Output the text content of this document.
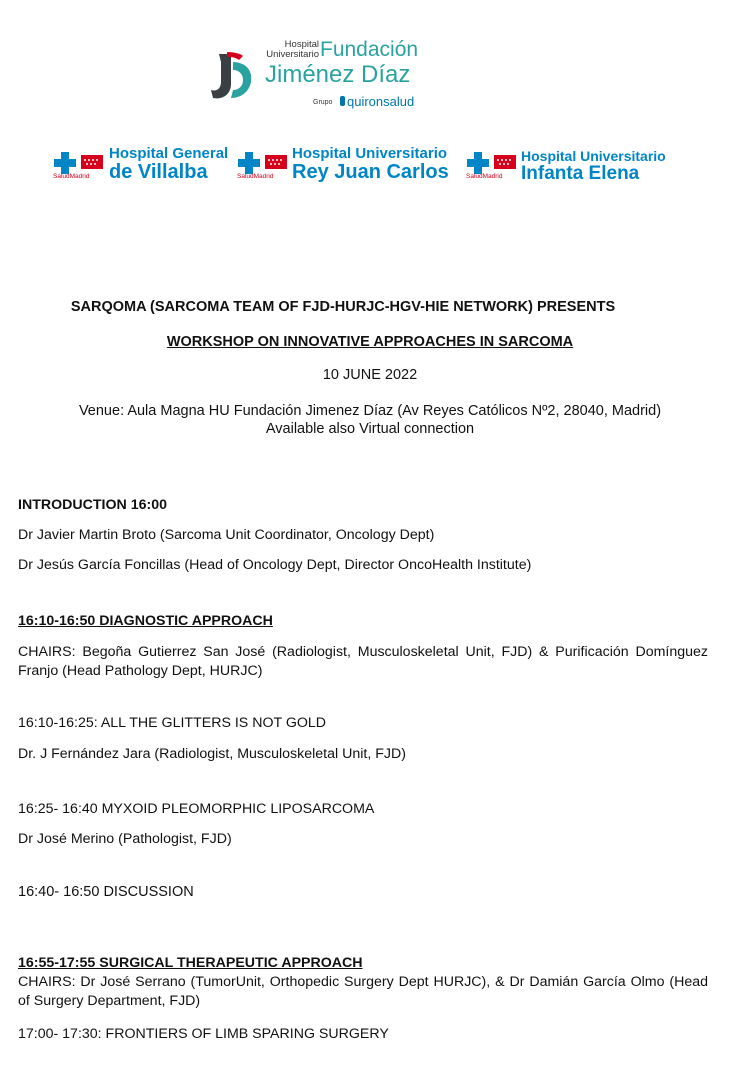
Hospital
Universitario Fundación
Jiménez Díaz
Grupo quironsalud
SaludMadrid
Hospital General
de Villalba	SaludMadrid
Hospital Universitario
Rey Juan Carlos	SaludMadrid
Hospital Universitario
Infanta Elena
SARQOMA (SARCOMA TEAM OF FJD-HURJC-HGV-HIE NETWORK) PRESENTS
WORKSHOP ON INNOVATIVE APPROACHES IN SARCOMA
10 JUNE 2022
Venue: Aula Magna HU Fundación Jimenez Díaz (Av Reyes Católicos Nº2, 28040, Madrid)
Available also Virtual connection
INTRODUCTION 16:00
Dr Javier Martin Broto (Sarcoma Unit Coordinator, Oncology Dept)
Dr Jesús García Foncillas (Head of Oncology Dept, Director OncoHealth Institute)
16:10-16:50 DIAGNOSTIC APPROACH
CHAIRS: Begoña Gutierrez San José (Radiologist, Musculoskeletal Unit, FJD) & Purificación Domínguez Franjo (Head Pathology Dept, HURJC)
16:10-16:25: ALL THE GLITTERS IS NOT GOLD
Dr. J Fernández Jara (Radiologist, Musculoskeletal Unit, FJD)
16:25- 16:40 MYXOID PLEOMORPHIC LIPOSARCOMA
Dr José Merino (Pathologist, FJD)
16:40- 16:50 DISCUSSION
16:55-17:55 SURGICAL THERAPEUTIC APPROACH
CHAIRS: Dr José Serrano (TumorUnit, Orthopedic Surgery Dept HURJC), & Dr Damián García Olmo (Head of Surgery Department, FJD)
17:00- 17:30: FRONTIERS OF LIMB SPARING SURGERY
